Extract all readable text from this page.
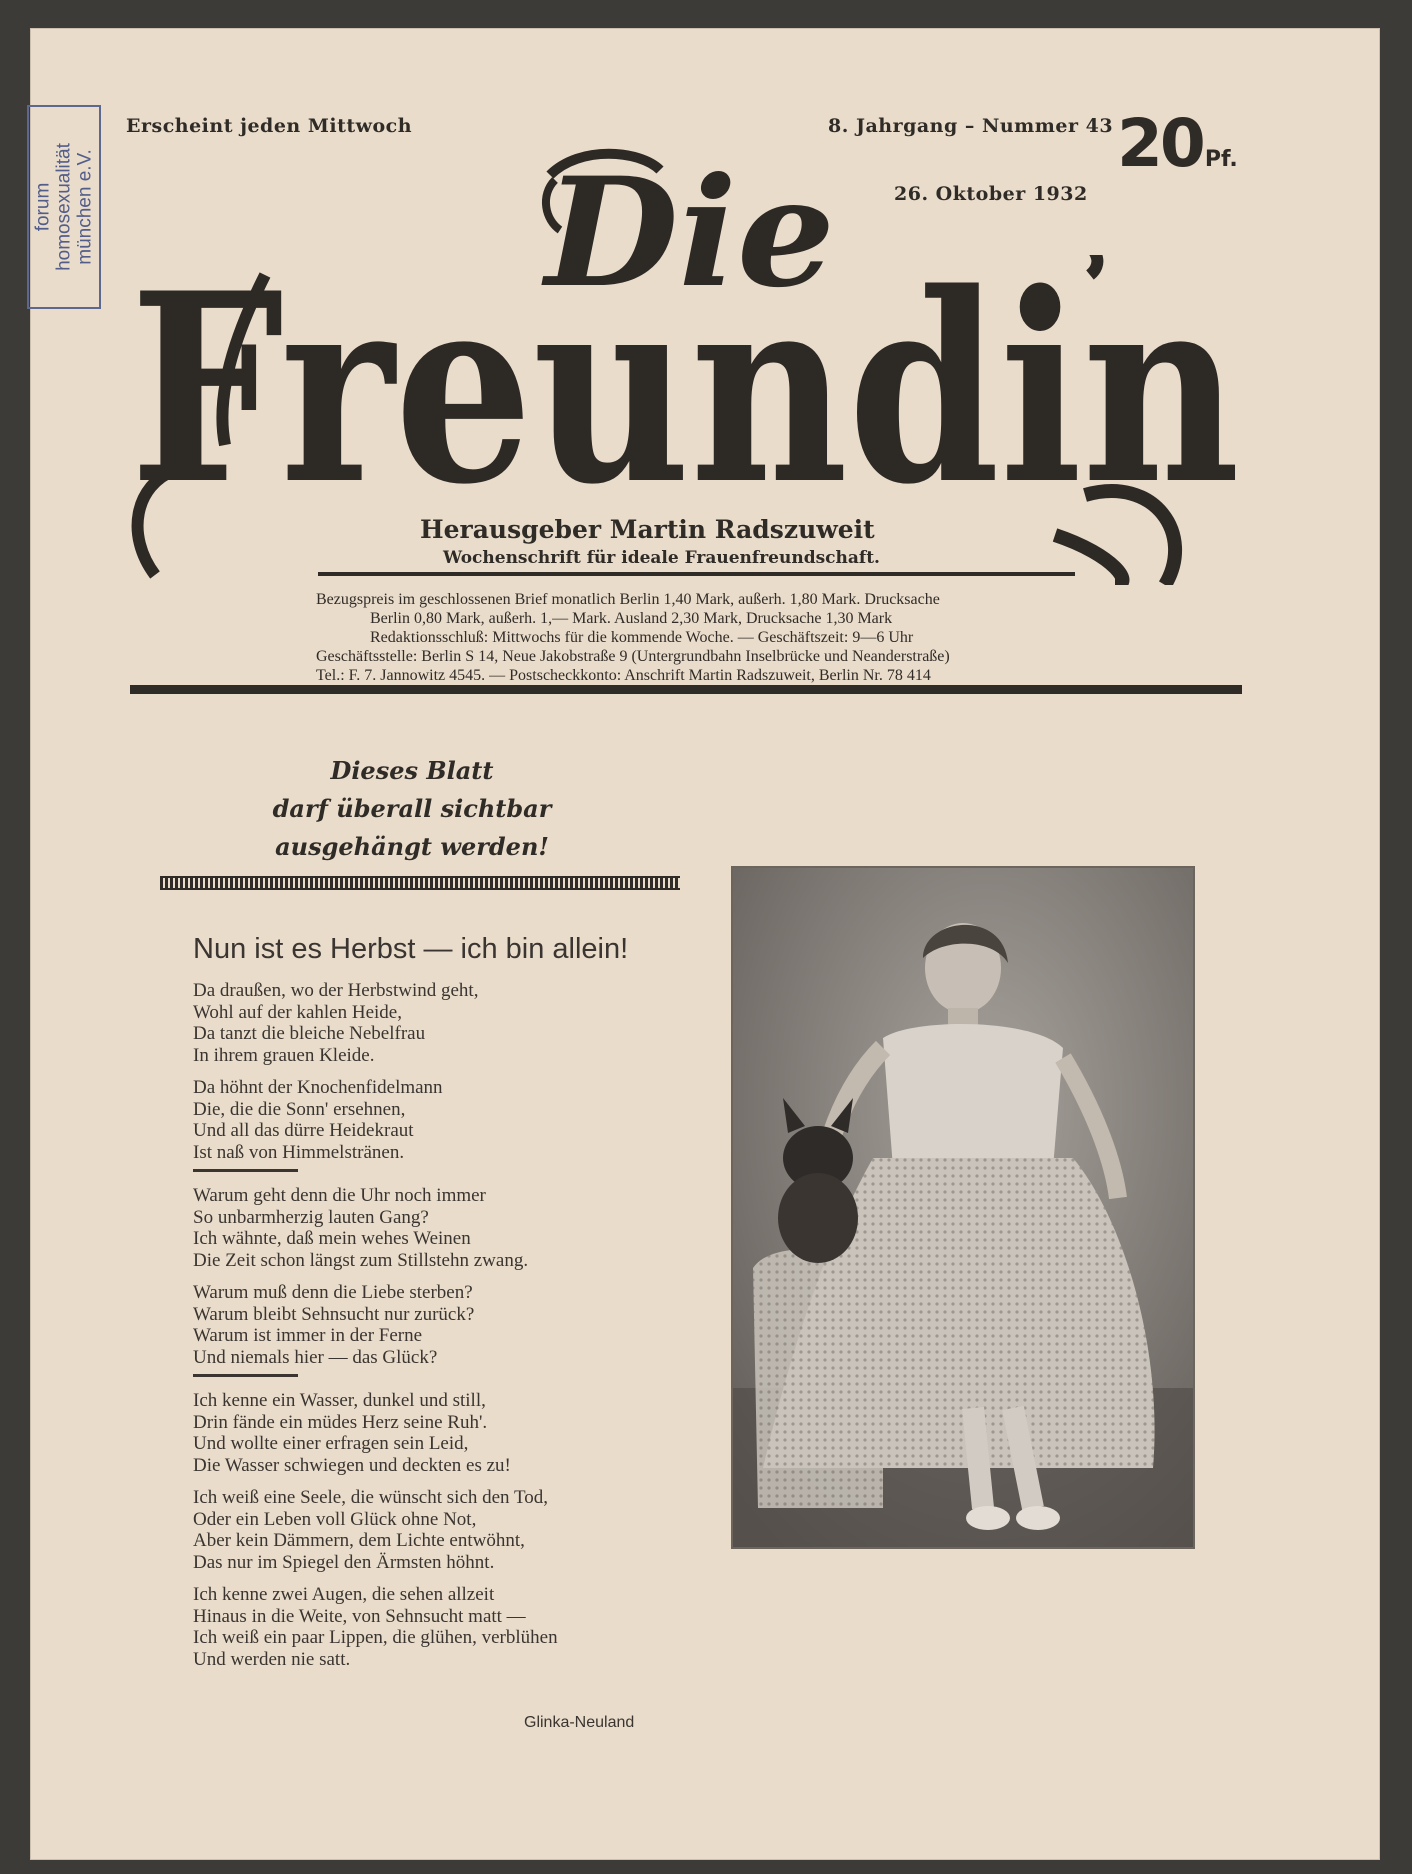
forum homosexualität münchen e.V.
Erscheint jeden Mittwoch	8. Jahrgang – Nummer 43
26. Oktober 1932
20Pf.
Die
Freundin
Herausgeber Martin Radszuweit
Wochenschrift für ideale Frauenfreundschaft.
Bezugspreis im geschlossenen Brief monatlich Berlin 1,40 Mark, außerh. 1,80 Mark. Drucksache
Berlin 0,80 Mark, außerh. 1,— Mark. Ausland 2,30 Mark, Drucksache 1,30 Mark
Redaktionsschluß: Mittwochs für die kommende Woche. — Geschäftszeit: 9—6 Uhr
Geschäftsstelle: Berlin S 14, Neue Jakobstraße 9 (Untergrundbahn Inselbrücke und Neanderstraße)
Tel.: F. 7. Jannowitz 4545. — Postscheckkonto: Anschrift Martin Radszuweit, Berlin Nr. 78 414
Dieses Blatt
darf überall sichtbar
ausgehängt werden!
Nun ist es Herbst — ich bin allein!
Da draußen, wo der Herbstwind geht,
Wohl auf der kahlen Heide,
Da tanzt die bleiche Nebelfrau
In ihrem grauen Kleide.
Da höhnt der Knochenfidelmann
Die, die die Sonn' ersehnen,
Und all das dürre Heidekraut
Ist naß von Himmelstränen.
Warum geht denn die Uhr noch immer
So unbarmherzig lauten Gang?
Ich wähnte, daß mein wehes Weinen
Die Zeit schon längst zum Stillstehn zwang.
Warum muß denn die Liebe sterben?
Warum bleibt Sehnsucht nur zurück?
Warum ist immer in der Ferne
Und niemals hier — das Glück?
Ich kenne ein Wasser, dunkel und still,
Drin fände ein müdes Herz seine Ruh'.
Und wollte einer erfragen sein Leid,
Die Wasser schwiegen und deckten es zu!
Ich weiß eine Seele, die wünscht sich den Tod,
Oder ein Leben voll Glück ohne Not,
Aber kein Dämmern, dem Lichte entwöhnt,
Das nur im Spiegel den Ärmsten höhnt.
Ich kenne zwei Augen, die sehen allzeit
Hinaus in die Weite, von Sehnsucht matt —
Ich weiß ein paar Lippen, die glühen, verblühen
Und werden nie satt.
Glinka-Neuland
